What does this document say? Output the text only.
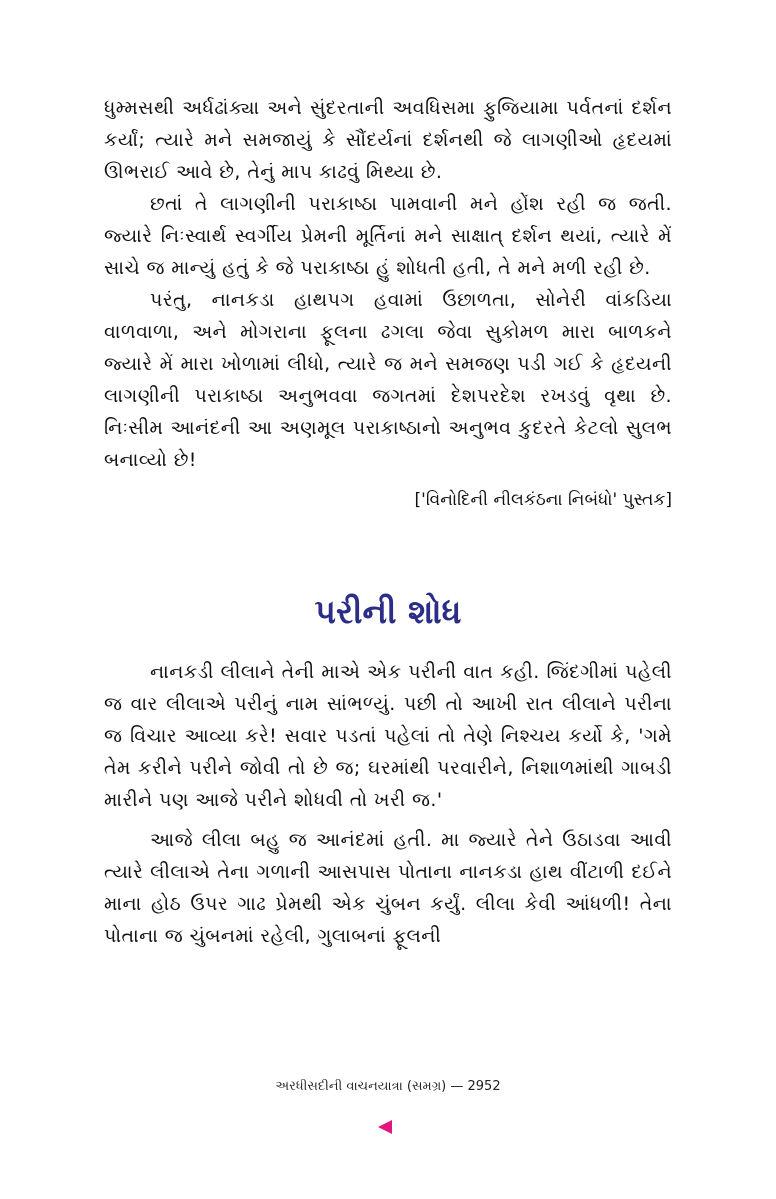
ધુમ્મસથી અર્ધઢાંક્યા અને સુંદરતાની અવધિસમા ફુજિયામા પર્વતનાં દર્શન કર્યાં; ત્યારે મને સમજાયું કે સૌંદર્યનાં દર્શનથી જે લાગણીઓ હૃદયમાં ઊભરાઈ આવે છે, તેનું માપ કાઢવું મિથ્યા છે.

છતાં તે લાગણીની પરાકાષ્ઠા પામવાની મને હોંશ રહી જ જતી. જ્યારે નિઃસ્વાર્થ સ્વર્ગીય પ્રેમની મૂર્તિનાં મને સાક્ષાત્ દર્શન થયાં, ત્યારે મેં સાચે જ માન્યું હતું કે જે પરાકાષ્ઠા હું શોધતી હતી, તે મને મળી રહી છે.

પરંતુ, નાનકડા હાથપગ હવામાં ઉછાળતા, સોનેરી વાંકડિયા વાળવાળા, અને મોગરાના ફૂલના ઢગલા જેવા સુકોમળ મારા બાળકને જ્યારે મેં મારા ખોળામાં લીધો, ત્યારે જ મને સમજણ પડી ગઈ કે હૃદયની લાગણીની પરાકાષ્ઠા અનુભવવા જગતમાં દેશપરદેશ રખડવું વૃથા છે. નિઃસીમ આનંદની આ અણમૂલ પરાકાષ્ઠાનો અનુભવ કુદરતે કેટલો સુલભ બનાવ્યો છે!

['વિનોદિની નીલકંઠના નિબંધો' પુસ્તક]
પરીની શોધ

નાનકડી લીલાને તેની માએ એક પરીની વાત કહી. જિંદગીમાં પહેલી જ વાર લીલાએ પરીનું નામ સાંભળ્યું. પછી તો આખી રાત લીલાને પરીના જ વિચાર આવ્યા કરે! સવાર પડતાં પહેલાં તો તેણે નિશ્ચય કર્યો કે, 'ગમે તેમ કરીને પરીને જોવી તો છે જ; ઘરમાંથી પરવારીને, નિશાળમાંથી ગાબડી મારીને પણ આજે પરીને શોધવી તો ખરી જ.'

આજે લીલા બહુ જ આનંદમાં હતી. મા જ્યારે તેને ઉઠાડવા આવી ત્યારે લીલાએ તેના ગળાની આસપાસ પોતાના નાનકડા હાથ વીંટાળી દઈને માના હોઠ ઉપર ગાઢ પ્રેમથી એક ચુંબન કર્યું. લીલા કેવી આંધળી! તેના પોતાના જ ચુંબનમાં રહેલી, ગુલાબનાં ફૂલની

અરધીસદીની વાચનયાત્રા (સમગ્ર) — 2952
